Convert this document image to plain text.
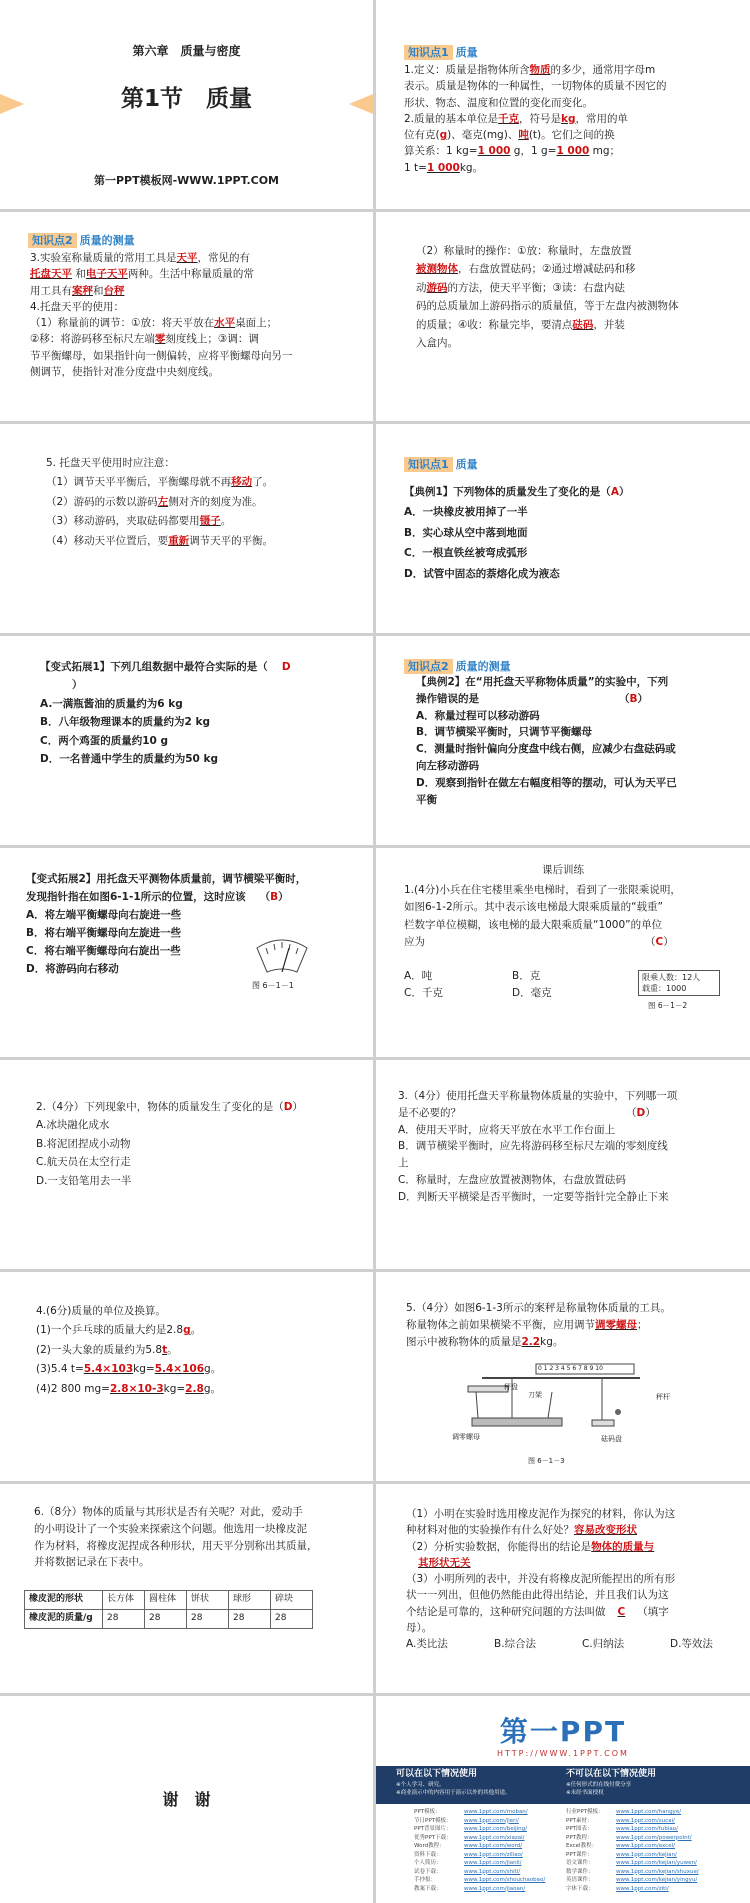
第六章　质量与密度
第1节　质量
第一PPT模板网-WWW.1PPT.COM
知识点1 质量
1.定义：质量是指物体所含物质的多少，通常用字母m
表示。质量是物体的一种属性，一切物体的质量不因它的
形状、物态、温度和位置的变化而变化。
2.质量的基本单位是千克，符号是kg，常用的单
位有克(g)、毫克(mg)、吨(t)。它们之间的换
算关系：1 kg=1 000 g，1 g=1 000 mg；
1 t=1 000kg。
知识点2 质量的测量
3.实验室称量质量的常用工具是天平，常见的有
托盘天平 和电子天平两种。生活中称量质量的常
用工具有案秤和台秤
4.托盘天平的使用：
（1）称量前的调节：①放：将天平放在水平桌面上；
②移：将游码移至标尺左端零刻度线上；③调：调
节平衡螺母，如果指针向一侧偏转，应将平衡螺母向另一
侧调节，使指针对准分度盘中央刻度线。
（2）称量时的操作：①放：称量时，左盘放置
被测物体，右盘放置砝码；②通过增减砝码和移
动游码的方法，使天平平衡；③读：右盘内砝
码的总质量加上游码指示的质量值，等于左盘内被测物体
的质量；④收：称量完毕，要清点砝码，并装
入盒内。
5. 托盘天平使用时应注意：
（1）调节天平平衡后，平衡螺母就不再移动了。
（2）游码的示数以游码左侧对齐的刻度为准。
（3）移动游码，夹取砝码都要用镊子。
（4）移动天平位置后，要重新调节天平的平衡。
知识点1 质量
【典例1】下列物体的质量发生了变化的是（A）
A．一块橡皮被用掉了一半
B．实心球从空中落到地面
C．一根直铁丝被弯成弧形
D．试管中固态的萘熔化成为液态
【变式拓展1】下列几组数据中最符合实际的是（ D
）
A.一满瓶酱油的质量约为6 kg
B．八年级物理课本的质量约为2 kg
C．两个鸡蛋的质量约10 g
D．一名普通中学生的质量约为50 kg
知识点2 质量的测量
【典例2】在“用托盘天平称物体质量”的实验中，下列
操作错误的是	（B）
A．称量过程可以移动游码
B．调节横梁平衡时，只调节平衡螺母
C．测量时指针偏向分度盘中线右侧，应减少右盘砝码或
向左移动游码
D．观察到指针在做左右幅度相等的摆动，可认为天平已
平衡
【变式拓展2】用托盘天平测物体质量前，调节横梁平衡时，
发现指针指在如图6-1-1所示的位置，这时应该 （B）
A．将左端平衡螺母向右旋进一些
B．将右端平衡螺母向左旋进一些
C．将右端平衡螺母向右旋出一些
D．将游码向右移动
图 6－1－1
课后训练
1.(4分)小兵在住宅楼里乘坐电梯时，看到了一张限乘说明，
如图6-1-2所示。其中表示该电梯最大限乘质量的“载重”
栏数字单位模糊，该电梯的最大限乘质量“1000”的单位
应为	（C）
A．吨	B．克
C．千克	D．毫克
限乘人数：12人
载重：1000
图 6－1－2
2.（4分）下列现象中，物体的质量发生了变化的是（D）
A.冰块融化成水
B.将泥团捏成小动物
C.航天员在太空行走
D.一支铅笔用去一半
3.（4分）使用托盘天平称量物体质量的实验中，下列哪一项
是不必要的？	（D）
A．使用天平时，应将天平放在水平工作台面上
B．调节横梁平衡时，应先将游码移至标尺左端的零刻度线
上
C．称量时，左盘应放置被测物体，右盘放置砝码
D．判断天平横梁是否平衡时，一定要等指针完全静止下来
4.(6分)质量的单位及换算。
(1)一个乒乓球的质量大约是2.8g。
(2)一头大象的质量约为5.8t。
(3)5.4 t=5.4×103kg=5.4×106g。
(4)2 800 mg=2.8×10-3kg=2.8g。
5.（4分）如图6-1-3所示的案秤是称量物体质量的工具。
称量物体之前如果横梁不平衡，应用调节调零螺母；
图示中被称物体的质量是2.2kg。
0 1 2 3 4 5 6 7 8 9 10
秤盘
刀架	秤杆
调零螺母	砝码盘
图 6－1－3
6.（8分）物体的质量与其形状是否有关呢？对此，爱动手
的小明设计了一个实验来探索这个问题。他选用一块橡皮泥
作为材料，将橡皮泥捏成各种形状，用天平分别称出其质量，
并将数据记录在下表中。
橡皮泥的形状	长方体	圆柱体	饼状	球形	碎块
橡皮泥的质量/g	28	28	28	28	28
（1）小明在实验时选用橡皮泥作为探究的材料，你认为这
种材料对他的实验操作有什么好处？容易改变形状
（2）分析实验数据，你能得出的结论是物体的质量与
其形状无关
（3）小明所列的表中，并没有将橡皮泥所能捏出的所有形
状一一列出，但他仍然能由此得出结论，并且我们认为这
个结论是可靠的，这种研究问题的方法叫做 C （填字
母）。
A.类比法	B.综合法	C.归纳法	D.等效法
谢　谢
第一PPT
HTTP://WWW.1PPT.COM
可以在以下情况使用
※个人学习、研究。
※商业演示中的内容用于演示以外的其他用途。
不可以在以下情况使用
※任何形式的在线付费分享
※未经书面授权
PPT模板：	www.1ppt.com/moban/
节日PPT模板： www.1ppt.com/jieri/
PPT背景图片： www.1ppt.com/beijing/
优秀PPT下载： www.1ppt.com/xiazai/
Word教程：	www.1ppt.com/word/
资料下载：	www.1ppt.com/ziliao/
个人简历：	www.1ppt.com/jianli/
试卷下载：	www.1ppt.com/shiti/
手抄报：	www.1ppt.com/shouchaobao/
教案下载：	www.1ppt.com/jiaoan/
行业PPT模板： www.1ppt.com/hangye/
PPT素材：	www.1ppt.com/sucai/
PPT图表：	www.1ppt.com/tubiao/
PPT教程：	www.1ppt.com/powerpoint/
Excel教程：	www.1ppt.com/excel/
PPT课件：	www.1ppt.com/kejian/
语文课件：	www.1ppt.com/kejian/yuwen/
数学课件：	www.1ppt.com/kejian/shuxue/
英语课件：	www.1ppt.com/kejian/yingyu/
字体下载：	www.1ppt.com/ziti/
